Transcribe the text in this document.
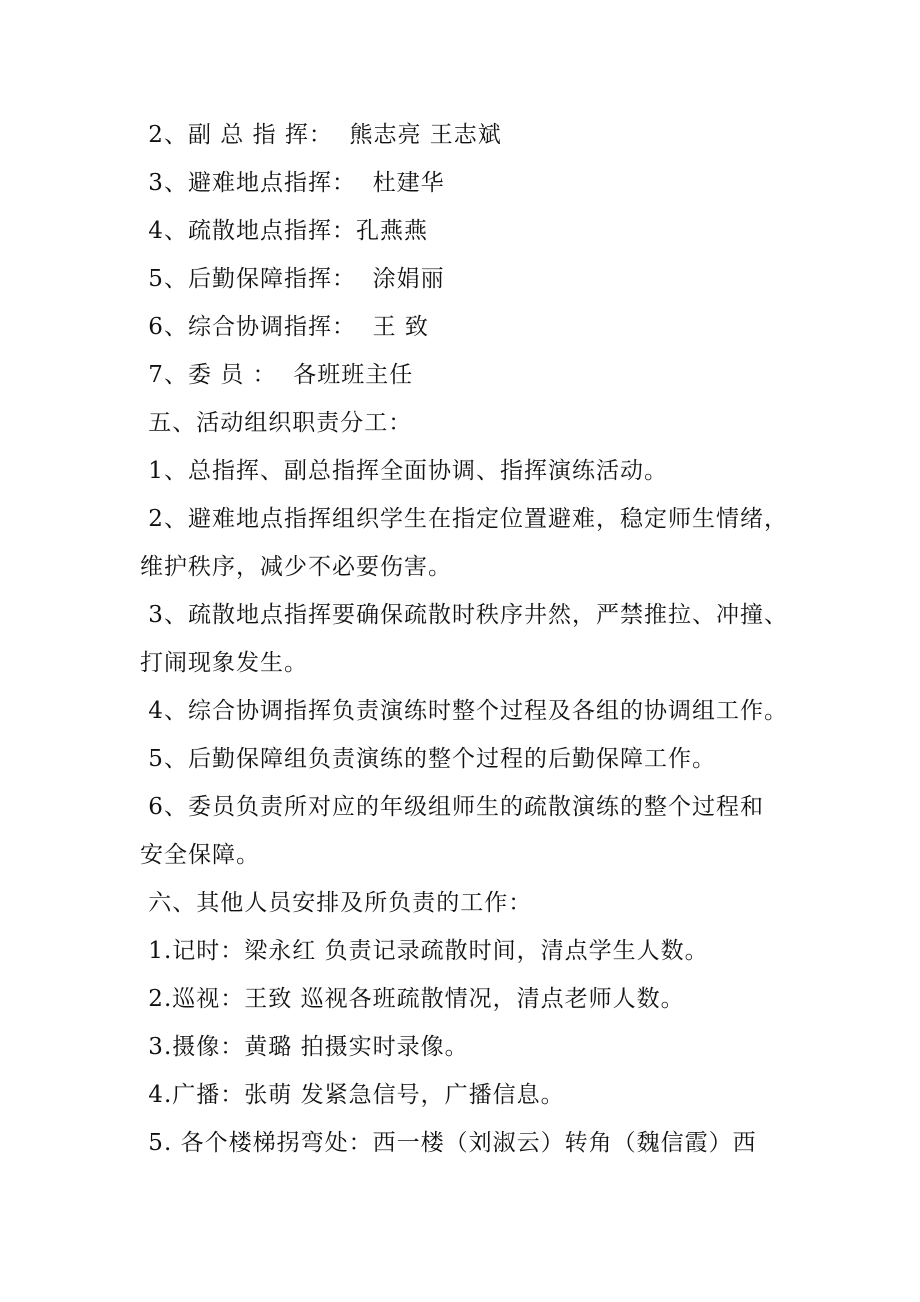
2、副 总 指 挥：  熊志亮 王志斌
3、避难地点指挥：  杜建华
4、疏散地点指挥：孔燕燕
5、后勤保障指挥：  涂娟丽
6、综合协调指挥：  王 致
7、委 员 ：  各班班主任
五、活动组织职责分工：
1、总指挥、副总指挥全面协调、指挥演练活动。
2、避难地点指挥组织学生在指定位置避难，稳定师生情绪，
维护秩序，减少不必要伤害。
3、疏散地点指挥要确保疏散时秩序井然，严禁推拉、冲撞、
打闹现象发生。
4、综合协调指挥负责演练时整个过程及各组的协调组工作。
5、后勤保障组负责演练的整个过程的后勤保障工作。
6、委员负责所对应的年级组师生的疏散演练的整个过程和
安全保障。
六、其他人员安排及所负责的工作：
1.记时：梁永红 负责记录疏散时间，清点学生人数。
2.巡视：王致 巡视各班疏散情况，清点老师人数。
3.摄像：黄璐 拍摄实时录像。
4.广播：张萌 发紧急信号，广播信息。
5. 各个楼梯拐弯处：西一楼（刘淑云）转角（魏信霞）西
